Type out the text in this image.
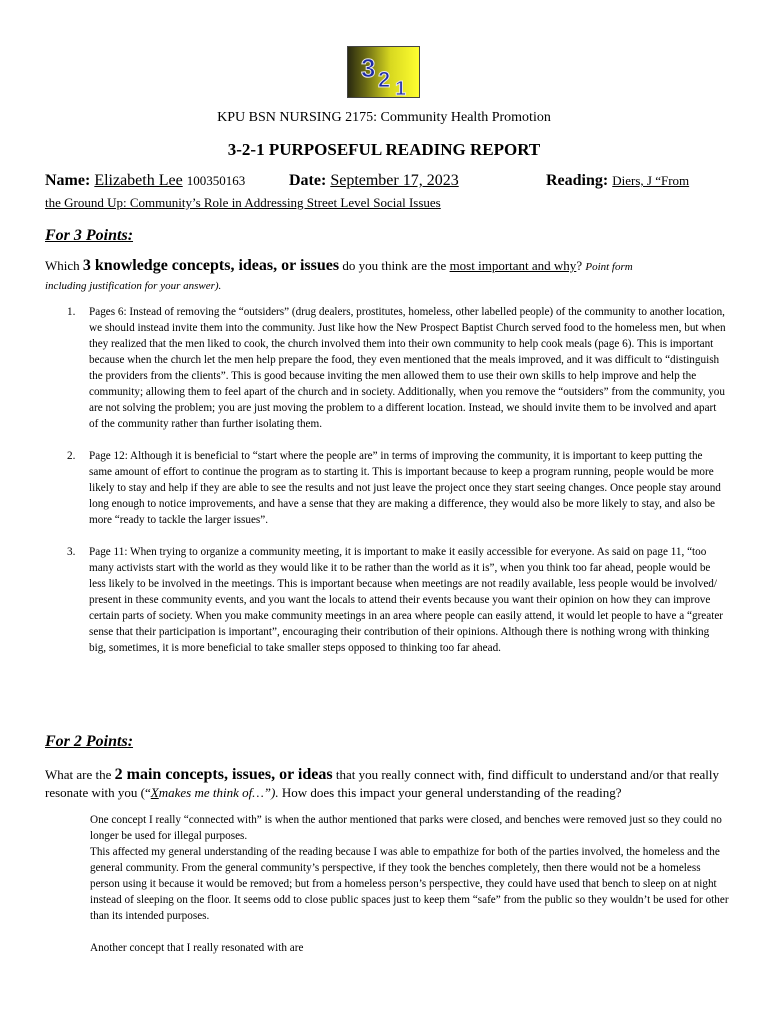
3 2 1
KPU BSN NURSING 2175: Community Health Promotion
3-2-1 PURPOSEFUL READING REPORT
Name: Elizabeth Lee 100350163	Date: September 17, 2023	Reading: Diers, J “From
the Ground Up: Community’s Role in Addressing Street Level Social Issues
For 3 Points:
Which 3 knowledge concepts, ideas, or issues do you think are the most important and why? Point form
including justification for your answer).
1. Pages 6: Instead of removing the “outsiders” (drug dealers, prostitutes, homeless, other labelled people) of the community to another location, we should instead invite them into the community. Just like how the New Prospect Baptist Church served food to the homeless men, but when they realized that the men liked to cook, the church involved them into their own community to help cook meals (page 6). This is important because when the church let the men help prepare the food, they even mentioned that the meals improved, and it was difficult to “distinguish the providers from the clients”. This is good because inviting the men allowed them to use their own skills to help improve and help the community; allowing them to feel apart of the church and in society. Additionally, when you remove the “outsiders” from the community, you are not solving the problem; you are just moving the problem to a different location. Instead, we should invite them to be involved and apart of the community rather than further isolating them.
2. Page 12: Although it is beneficial to “start where the people are” in terms of improving the community, it is important to keep putting the same amount of effort to continue the program as to starting it. This is important because to keep a program running, people would be more likely to stay and help if they are able to see the results and not just leave the project once they start seeing changes. Once people stay around long enough to notice improvements, and have a sense that they are making a difference, they would also be more likely to stay, and also be more “ready to tackle the larger issues”.
3. Page 11: When trying to organize a community meeting, it is important to make it easily accessible for everyone. As said on page 11, “too many activists start with the world as they would like it to be rather than the world as it is”, when you think too far ahead, people would be less likely to be involved in the meetings. This is important because when meetings are not readily available, less people would be involved/ present in these community events, and you want the locals to attend their events because you want their opinion on how they can improve certain parts of society. When you make community meetings in an area where people can easily attend, it would let people to have a “greater sense that their participation is important”, encouraging their contribution of their opinions. Although there is nothing wrong with thinking big, sometimes, it is more beneficial to take smaller steps opposed to thinking too far ahead.
For 2 Points:
What are the 2 main concepts, issues, or ideas that you really connect with, find difficult to understand and/or that really resonate with you (“Xmakes me think of…”). How does this impact your general understanding of the reading?

One concept I really “connected with” is when the author mentioned that parks were closed, and benches were removed just so they could no longer be used for illegal purposes.

This affected my general understanding of the reading because I was able to empathize for both of the parties involved, the homeless and the general community. From the general community’s perspective, if they took the benches completely, then there would not be a homeless person using it because it would be removed; but from a homeless person’s perspective, they could have used that bench to sleep on at night instead of sleeping on the floor. It seems odd to close public spaces just to keep them “safe” from the public so they wouldn’t be used for other than its intended purposes.

Another concept that I really resonated with are
